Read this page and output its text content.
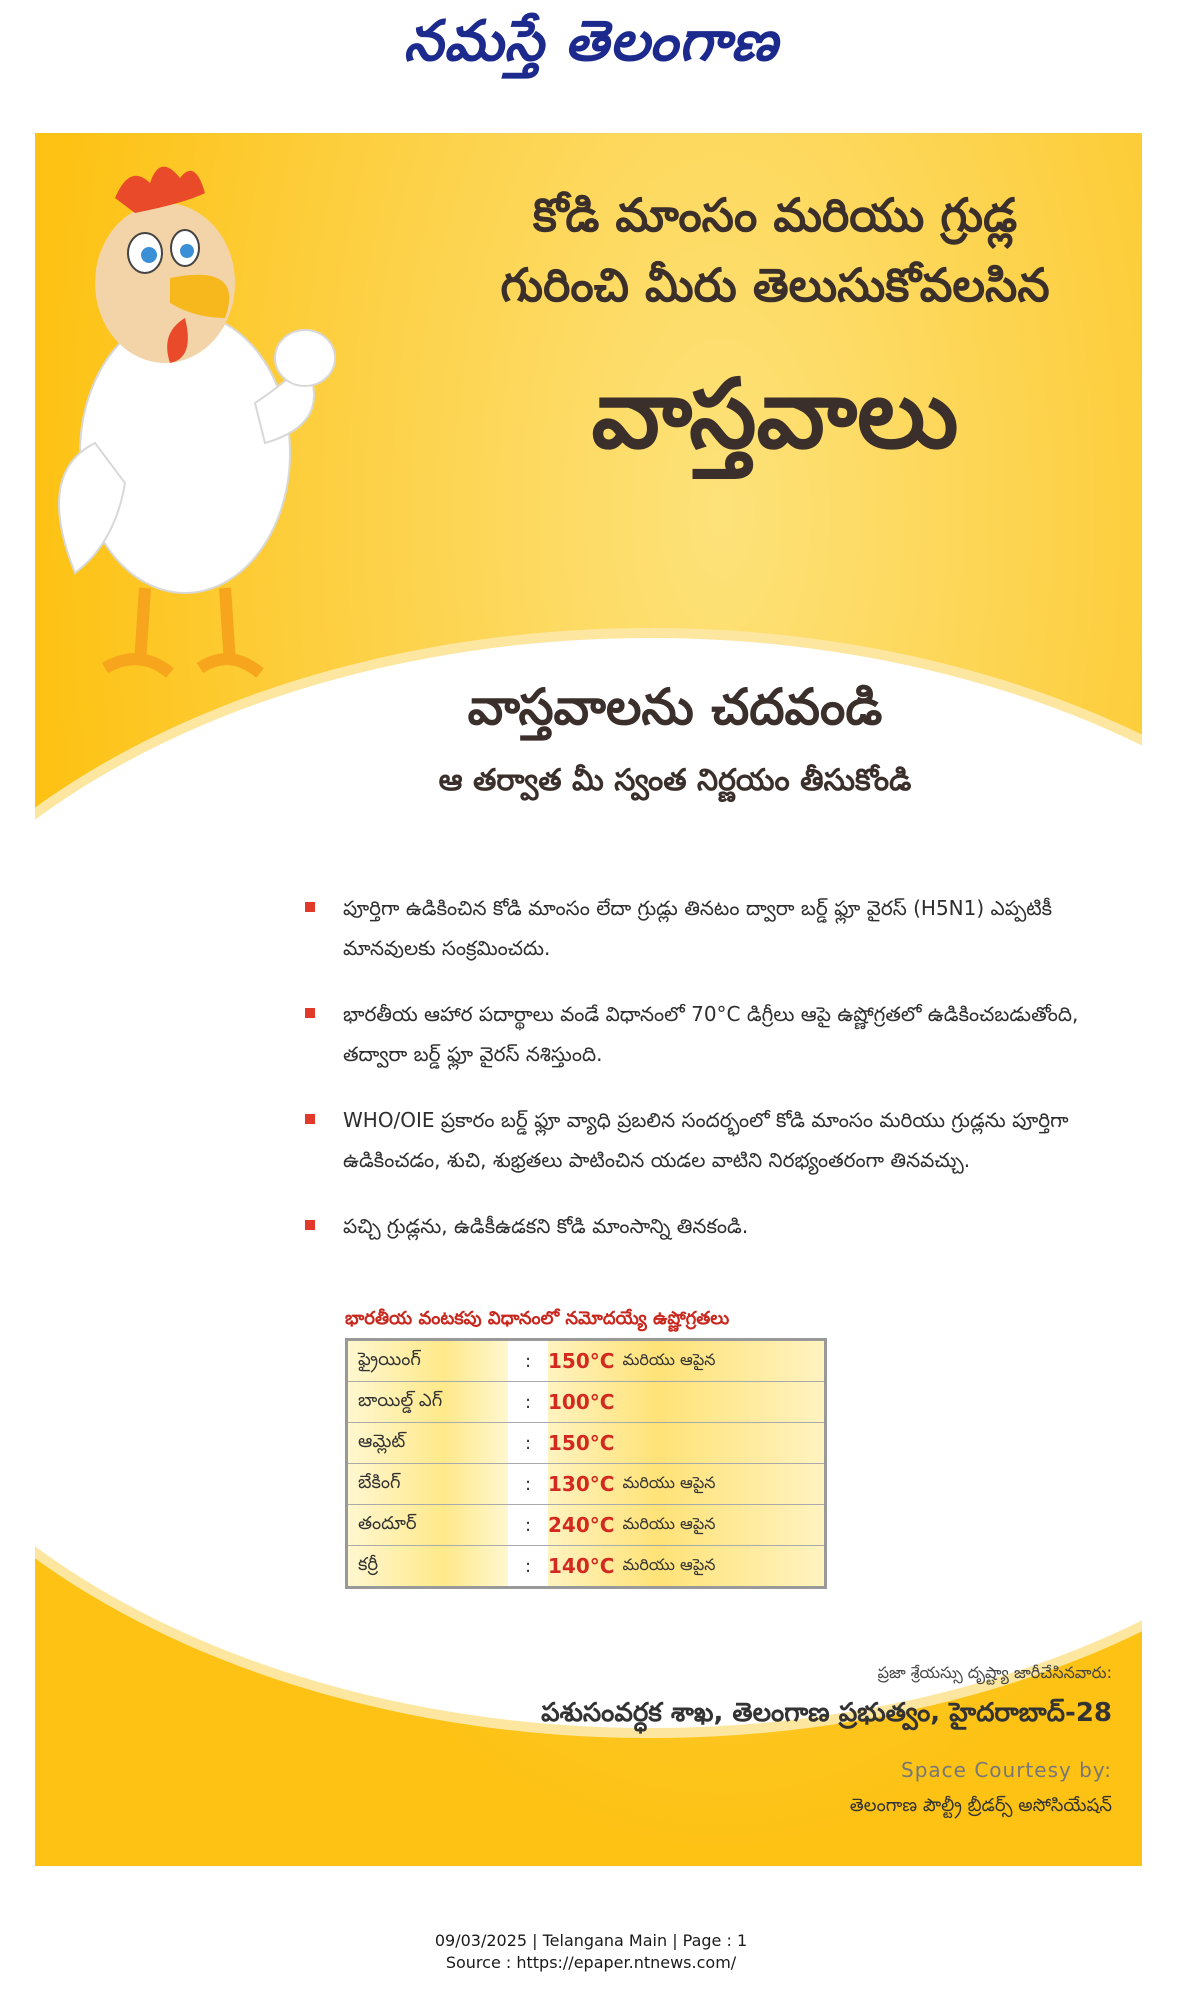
నమస్తే తెలంగాణ
కోడి మాంసం మరియు గ్రుడ్ల
గురించి మీరు తెలుసుకోవలసిన
వాస్తవాలు
వాస్తవాలను చదవండి
ఆ తర్వాత మీ స్వంత నిర్ణయం తీసుకోండి
పూర్తిగా ఉడికించిన కోడి మాంసం లేదా గ్రుడ్లు తినటం ద్వారా బర్డ్ ఫ్లూ వైరస్ (H5N1) ఎప్పటికీ మానవులకు సంక్రమించదు.
భారతీయ ఆహార పదార్థాలు వండే విధానంలో 70°C డిగ్రీలు ఆపై ఉష్ణోగ్రతలో ఉడికించబడుతోంది, తద్వారా బర్డ్ ఫ్లూ వైరస్ నశిస్తుంది.
WHO/OIE ప్రకారం బర్డ్ ఫ్లూ వ్యాధి ప్రబలిన సందర్భంలో కోడి మాంసం మరియు గ్రుడ్లను పూర్తిగా ఉడికించడం, శుచి, శుభ్రతలు పాటించిన యడల వాటిని నిరభ్యంతరంగా తినవచ్చు.
పచ్చి గ్రుడ్లను, ఉడికీఉడకని కోడి మాంసాన్ని తినకండి.
భారతీయ వంటకపు విధానంలో నమోదయ్యే ఉష్ణోగ్రతలు
ఫ్రైయింగ్	: 150°C మరియు ఆపైన
బాయిల్డ్ ఎగ్	: 100°C
ఆమ్లెట్	: 150°C
బేకింగ్	: 130°C మరియు ఆపైన
తందూర్	: 240°C మరియు ఆపైన
కర్రీ	: 140°C మరియు ఆపైన
ప్రజా శ్రేయస్సు దృష్ట్యా జారీచేసినవారు:
పశుసంవర్ధక శాఖ, తెలంగాణ ప్రభుత్వం, హైదరాబాద్-28
Space Courtesy by:
తెలంగాణ పౌల్ట్రీ బ్రీడర్స్ అసోసియేషన్
09/03/2025 | Telangana Main | Page : 1
Source : https://epaper.ntnews.com/
